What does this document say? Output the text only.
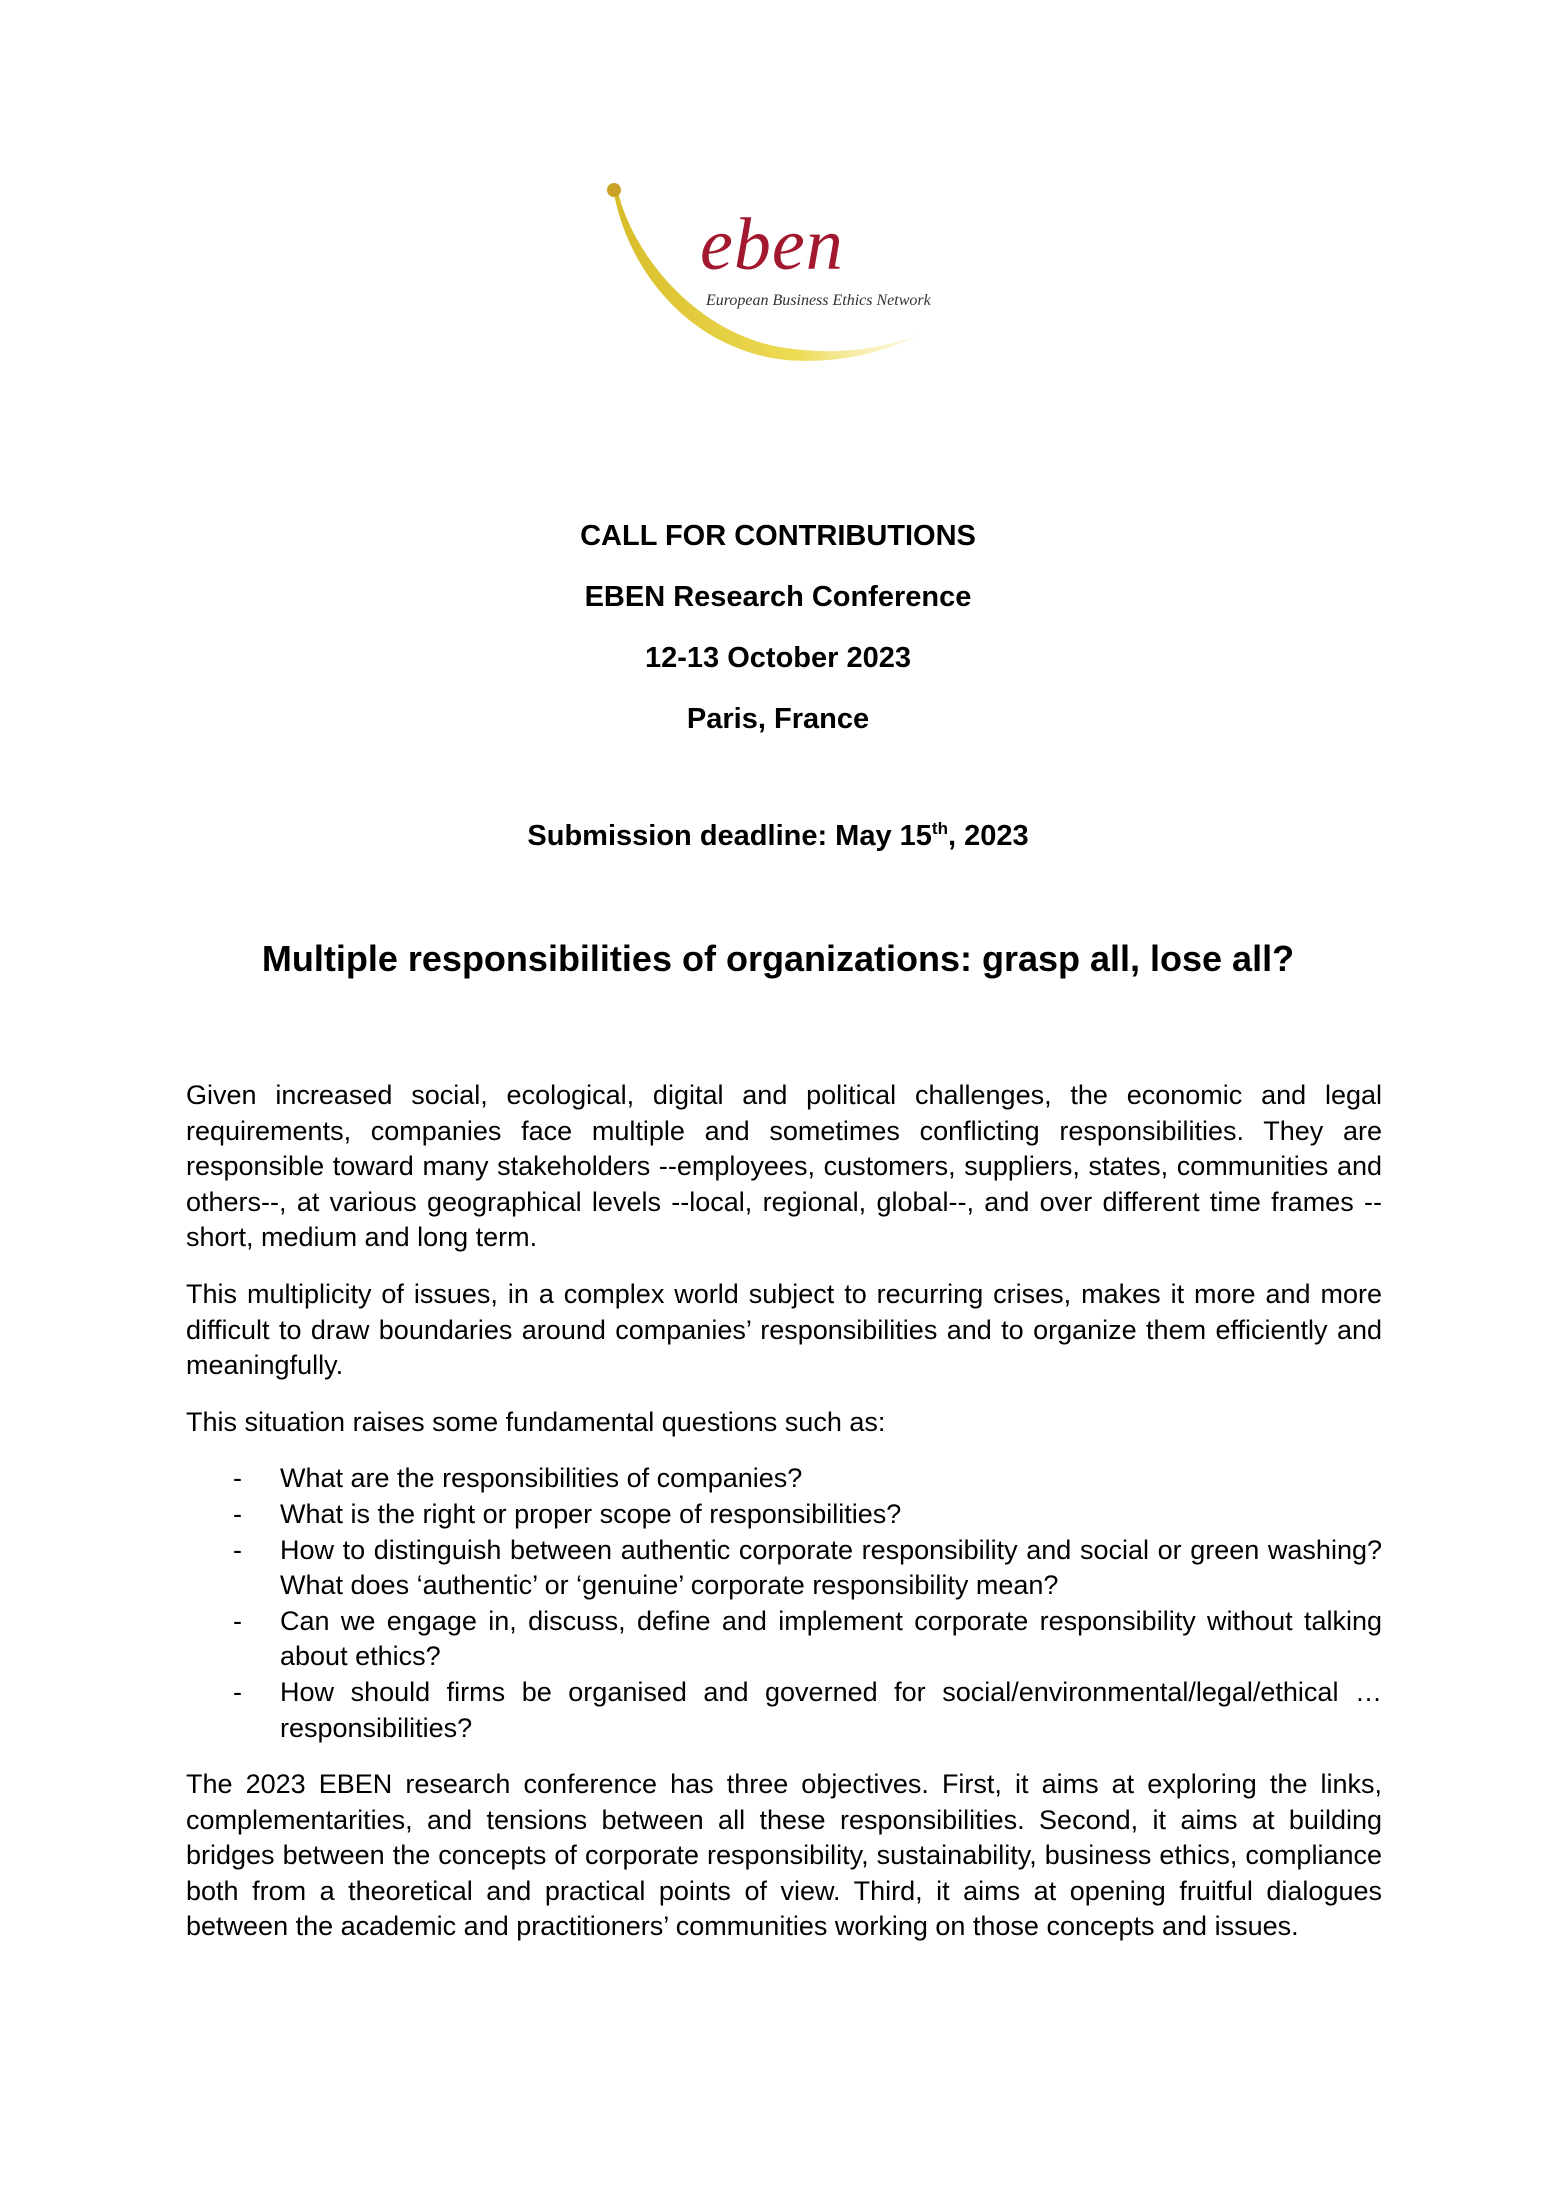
eben
European Business Ethics Network
CALL FOR CONTRIBUTIONS
EBEN Research Conference
12-13 October 2023
Paris, France
Submission deadline: May 15th, 2023
Multiple responsibilities of organizations: grasp all, lose all?

Given increased social, ecological, digital and political challenges, the economic and legal requirements, companies face multiple and sometimes conflicting responsibilities. They are responsible toward many stakeholders --employees, customers, suppliers, states, communities and others--, at various geographical levels --local, regional, global--, and over different time frames --short, medium and long term.

This multiplicity of issues, in a complex world subject to recurring crises, makes it more and more difficult to draw boundaries around companies’ responsibilities and to organize them efficiently and meaningfully.

This situation raises some fundamental questions such as:

- What are the responsibilities of companies?
- What is the right or proper scope of responsibilities?
- How to distinguish between authentic corporate responsibility and social or green washing? What does ‘authentic’ or ‘genuine’ corporate responsibility mean?
- Can we engage in, discuss, define and implement corporate responsibility without talking about ethics?
- How should firms be organised and governed for social/environmental/legal/ethical … responsibilities?

The 2023 EBEN research conference has three objectives. First, it aims at exploring the links, complementarities, and tensions between all these responsibilities. Second, it aims at building bridges between the concepts of corporate responsibility, sustainability, business ethics, compliance both from a theoretical and practical points of view. Third, it aims at opening fruitful dialogues between the academic and practitioners’ communities working on those concepts and issues.
